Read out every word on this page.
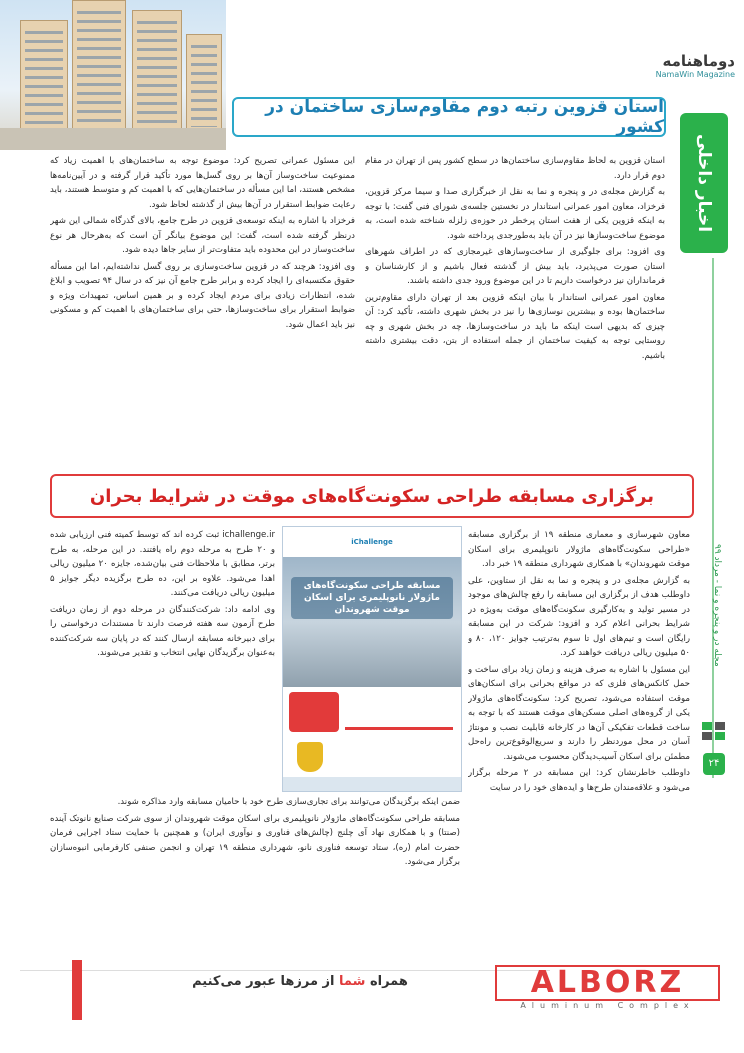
دوماهنامه
NamaWin Magazine
اخبار داخلی
مجله در و پنجره و نما - مرداد ۹۹
۲۴
استان قزوین رتبه دوم مقاوم‌سازی ساختمان در کشور

استان قزوین به لحاظ مقاوم‌سازی ساختمان‌ها در سطح کشور پس از تهران در مقام دوم قرار دارد.

به گزارش مجله‌ی در و پنجره و نما به نقل از خبرگزاری صدا و سیما مرکز قزوین، فرخزاد، معاون امور عمرانی استاندار در نخستین جلسه‌ی شورای فنی گفت: با توجه به اینکه قزوین یکی از هفت استان پرخطر در حوزه‌ی زلزله شناخته شده است، به موضوع ساخت‌وسازها نیز در آن باید به‌طورجدی پرداخته شود.

وی افزود: برای جلوگیری از ساخت‌وسازهای غیرمجازی که در اطراف شهرهای استان صورت می‌پذیرد، باید بیش از گذشته فعال باشیم و از کارشناسان و فرمانداران نیز درخواست داریم تا در این موضوع ورود جدی داشته باشند.

معاون امور عمرانی استاندار با بیان اینکه قزوین بعد از تهران دارای مقاوم‌ترین ساختمان‌ها بوده و بیشترین نوسازی‌ها را نیز در بخش شهری داشته، تأکید کرد: آن چیزی که بدیهی است اینکه ما باید در ساخت‌وسازها، چه در بخش شهری و چه روستایی توجه به کیفیت ساختمان از جمله استفاده از بتن، دقت بیشتری داشته باشیم.

این مسئول عمرانی تصریح کرد: موضوع توجه به ساختمان‌های با اهمیت زیاد که ممنوعیت ساخت‌وساز آن‌ها بر روی گسل‌ها مورد تأکید قرار گرفته و در آیین‌نامه‌ها مشخص هستند، اما این مسأله در ساختمان‌هایی که با اهمیت کم و متوسط هستند، باید رعایت ضوابط استقرار در آن‌ها بیش از گذشته لحاظ شود.

فرخزاد با اشاره به اینکه توسعه‌ی قزوین در طرح جامع، بالای گذرگاه شمالی این شهر درنظر گرفته شده است، گفت: این موضوع بیانگر آن است که به‌هرحال هر نوع ساخت‌وساز در این محدوده باید متفاوت‌تر از سایر جاها دیده شود.

وی افزود: هرچند که در قزوین ساخت‌وسازی بر روی گسل نداشته‌ایم، اما این مسأله حقوق مکتسبه‌ای را ایجاد کرده و برابر طرح جامع آن نیز که در سال ۹۴ تصویب و ابلاغ شده، انتظارات زیادی برای مردم ایجاد کرده و بر همین اساس، تمهیدات ویژه و ضوابط استقرار برای ساخت‌وسازها، حتی برای ساختمان‌های با اهمیت کم و مسکونی نیز باید اعمال شود.

برگزاری مسابقه طراحی سکونت‌گاه‌های موقت در شرایط بحران

معاون شهرسازی و معماری منطقه ۱۹ از برگزاری مسابقه «طراحی سکونت‌گاه‌های ماژولار نانوپلیمری برای اسکان موقت شهروندان» با همکاری شهرداری منطقه ۱۹ خبر داد.

به گزارش مجله‌ی در و پنجره و نما به نقل از ستاوین، علی داوطلب هدف از برگزاری این مسابقه را رفع چالش‌های موجود در مسیر تولید و به‌کارگیری سکونت‌گاه‌های موقت به‌ویژه در شرایط بحرانی اعلام کرد و افزود: شرکت در این مسابقه رایگان است و تیم‌های اول تا سوم به‌ترتیب جوایز ۱۲۰، ۸۰ و ۵۰ میلیون ریالی دریافت خواهند کرد.

این مسئول با اشاره به صرف هزینه و زمان زیاد برای ساخت و حمل کانکس‌های فلزی که در مواقع بحرانی برای اسکان‌های موقت استفاده می‌شود، تصریح کرد: سکونت‌گاه‌های ماژولار یکی از گروه‌های اصلی مسکن‌های موقت هستند که با توجه به ساخت قطعات تفکیکی آن‌ها در کارخانه قابلیت نصب و مونتاژ آسان در محل موردنظر را دارند و سریع‌الوقوع‌ترین راه‌حل مطمئن برای اسکان آسیب‌دیدگان محسوب می‌شوند.

داوطلب خاطرنشان کرد: این مسابقه در ۲ مرحله برگزار می‌شود و علاقه‌مندان طرح‌ها و ایده‌های خود را در سایت

iChallenge
مسابقه طراحی سکونت‌گاه‌های ماژولار نانوپلیمری برای اسکان موقت شهروندان

ichallenge.ir ثبت کرده اند که توسط کمیته فنی ارزیابی شده و ۲۰ طرح به مرحله دوم راه یافتند. در این مرحله، به طرح برتر، مطابق با ملاحظات فنی بیان‌شده، جایزه ۲۰ میلیون ریالی اهدا می‌شود. علاوه بر این، ده طرح برگزیده دیگر جوایز ۵ میلیون ریالی دریافت می‌کنند.

وی ادامه داد: شرکت‌کنندگان در مرحله دوم از زمان دریافت طرح آزمون سه هفته فرصت دارند تا مستندات درخواستی را برای دبیرخانه مسابقه ارسال کنند که در پایان سه شرکت‌کننده به‌عنوان برگزیدگان نهایی انتخاب و تقدیر می‌شوند.

ضمن اینکه برگزیدگان می‌توانند برای تجاری‌سازی طرح خود با حامیان مسابقه وارد مذاکره شوند.

مسابقه طراحی سکونت‌گاه‌های ماژولار نانوپلیمری برای اسکان موقت شهروندان از سوی شرکت صنایع نانوتک آینده (صنتا) و با همکاری نهاد آی چلنج (چالش‌های فناوری و نوآوری ایران) و همچنین با حمایت ستاد اجرایی فرمان حضرت امام (ره)، ستاد توسعه فناوری نانو، شهرداری منطقه ۱۹ تهران و انجمن صنفی کارفرمایی انبوه‌سازان برگزار می‌شود.

همراه شما از مرزها عبور می‌کنیم	ALBORZ
Aluminum Complex
